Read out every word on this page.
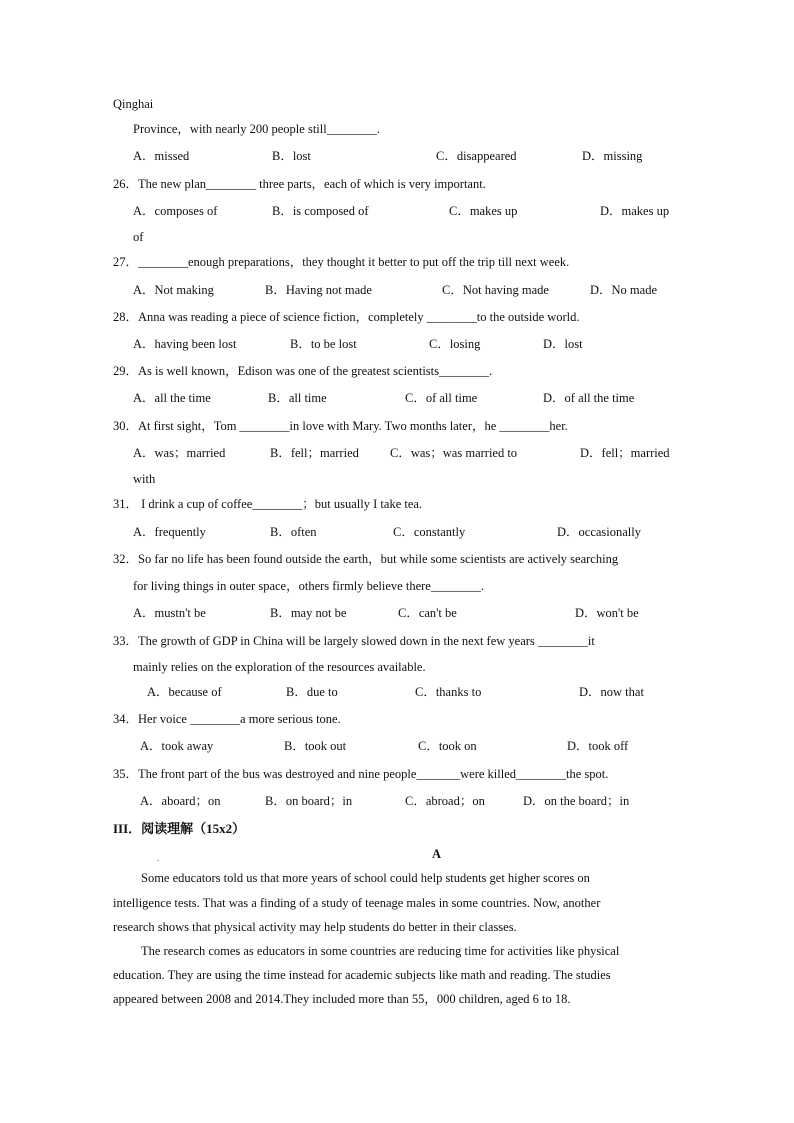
Qinghai
Province，with nearly 200 people still________.
A．missed	B．lost	C．disappeared	D．missing
26．The new plan________ three parts，each of which is very important.
A．composes of	B．is composed of	C．makes up	D．makes up
of
27．________enough preparations，they thought it better to put off the trip till next week.
A．Not making	B．Having not made	C．Not having made	D．No made
28．Anna was reading a piece of science fiction，completely ________to the outside world.
A．having been lost	B．to be lost	C．losing	D．lost
29．As is well known，Edison was one of the greatest scientists________.
A．all the time	B．all time	C．of all time	D．of all the time
30．At first sight，Tom ________in love with Mary. Two months later，he ________her.
A．was；married	B．fell；married C．was；was married to	D．fell；married
with
31． I drink a cup of coffee________；but usually I take tea.
A．frequently	B．often	C．constantly	D．occasionally
32．So far no life has been found outside the earth，but while some scientists are actively searching
for living things in outer space，others firmly believe there________.
A．mustn't be	B．may not be	C．can't be	D．won't be
33．The growth of GDP in China will be largely slowed down in the next few years ________it
mainly relies on the exploration of the resources available.
A．because of	B．due to	C．thanks to	D．now that
34．Her voice ________a more serious tone.
A．took away	B．took out	C．took on	D．took off
35．The front part of the bus was destroyed and nine people_______were killed________the spot.
A．aboard；on	B．on board；in	C．abroad；on	D．on the board；in
III．阅读理解（15x2）
.	A
Some educators told us that more years of school could help students get higher scores on
intelligence tests. That was a finding of a study of teenage males in some countries. Now, another
research shows that physical activity may help students do better in their classes.
The research comes as educators in some countries are reducing time for activities like physical
education. They are using the time instead for academic subjects like math and reading. The studies
appeared between 2008 and 2014.They included more than 55，000 children, aged 6 to 18.
